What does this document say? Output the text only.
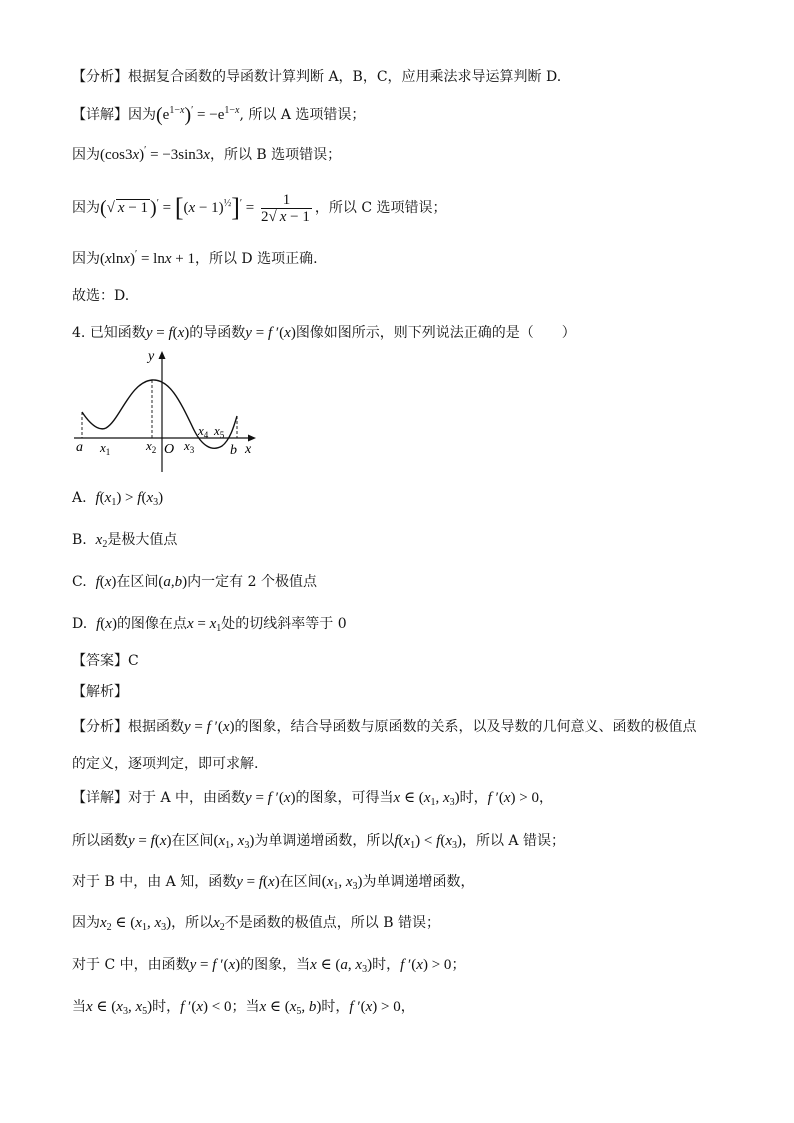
【分析】根据复合函数的导函数计算判断 A，B，C，应用乘法求导运算判断 D.
【详解】因为$(e^{1-x})' = -e^{1-x}$, 所以 A 选项错误；
因为(cos3x)′ = −3sin3x，所以 B 选项错误；
因为(√ x − 1 )$' = [(x - 1)^{\frac{1}{2}}]' = \frac{1}{2√ x - 1}$ ，所以 C 选项错误；
因为(xlnx)′ = lnx + 1，所以 D 选项正确.
故选：D.
4. 已知函数y = f(x)的导函数y = f ′(x)图像如图所示，则下列说法正确的是（　　）
y
x
a $x_1$	$x_2$ O $x_3$
$x_4$ $x_5$
b
A. $f(x_1) > f(x_3)$
B. $x_2$是极大值点
C. f(x)在区间(a,b)内一定有 2 个极值点
D. f(x)的图像在点$x = x_1$处的切线斜率等于 0
【答案】C
【解析】
【分析】根据函数y = f ′(x)的图象，结合导函数与原函数的关系，以及导数的几何意义、函数的极值点
的定义，逐项判定，即可求解.
【详解】对于 A 中，由函数y = f ′(x)的图象，可得当x ∈ ($x_1$, $x_3$)时，f ′(x) > 0，
所以函数y = f(x)在区间($x_1$, $x_3$)为单调递增函数，所以$f(x_1) < f(x_3)$，所以 A 错误；
对于 B 中，由 A 知，函数y = f(x)在区间($x_1$, $x_3$)为单调递增函数，
因为$x_2$ ∈ ($x_1$, $x_3$)，所以$x_2$不是函数的极值点，所以 B 错误；
对于 C 中，由函数y = f ′(x)的图象，当x ∈ (a, $x_3$)时，f ′(x) > 0；
当x ∈ ($x_3$, $x_5$)时，f ′(x) < 0；当x ∈ ($x_5$, b)时，f ′(x) > 0，
